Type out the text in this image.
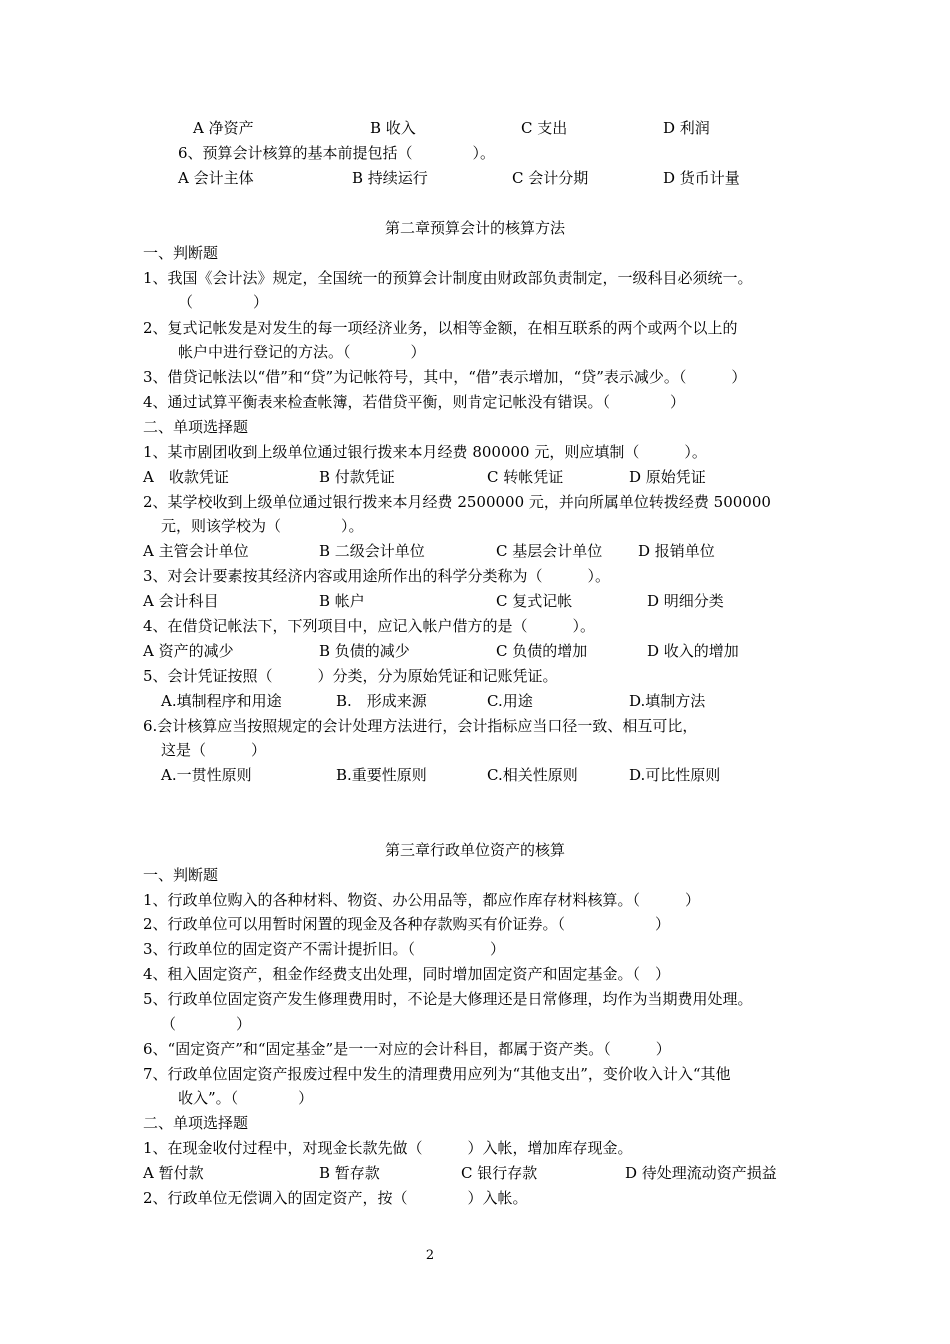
A 净资产	B 收入	C 支出	D 利润
6、预算会计核算的基本前提包括（　　　　）。
A 会计主体	B 持续运行	C 会计分期	D 货币计量
第二章预算会计的核算方法
一、判断题
1、我国《会计法》规定，全国统一的预算会计制度由财政部负责制定，一级科目必须统一。
（　　　　）
2、复式记帐发是对发生的每一项经济业务，以相等金额，在相互联系的两个或两个以上的
帐户中进行登记的方法。（　　　　）
3、借贷记帐法以“借”和“贷”为记帐符号，其中，“借”表示增加，“贷”表示减少。（　　　）
4、通过试算平衡表来检查帐簿，若借贷平衡，则肯定记帐没有错误。（　　　　）
二、单项选择题
1、某市剧团收到上级单位通过银行拨来本月经费 800000 元，则应填制（　　　）。
A　收款凭证	B 付款凭证	C 转帐凭证	D 原始凭证
2、某学校收到上级单位通过银行拨来本月经费 2500000 元，并向所属单位转拨经费 500000
元，则该学校为（　　　　）。
A 主管会计单位	B 二级会计单位	C 基层会计单位 D 报销单位
3、对会计要素按其经济内容或用途所作出的科学分类称为（　　　）。
A 会计科目	B 帐户	C 复式记帐	D 明细分类
4、在借贷记帐法下，下列项目中，应记入帐户借方的是（　　　）。
A 资产的减少	B 负债的减少	C 负债的增加	D 收入的增加
5、会计凭证按照（　　　）分类，分为原始凭证和记账凭证。
A.填制程序和用途	B.　形成来源	C.用途	D.填制方法
6.会计核算应当按照规定的会计处理方法进行，会计指标应当口径一致、相互可比，
这是（　　　）
A.一贯性原则	B.重要性原则	C.相关性原则	D.可比性原则
第三章行政单位资产的核算
一、判断题
1、行政单位购入的各种材料、物资、办公用品等，都应作库存材料核算。（　　　）
2、行政单位可以用暂时闲置的现金及各种存款购买有价证券。（　　　　　　）
3、行政单位的固定资产不需计提折旧。（　　　　　）
4、租入固定资产，租金作经费支出处理，同时增加固定资产和固定基金。（　）
5、行政单位固定资产发生修理费用时，不论是大修理还是日常修理，均作为当期费用处理。
（　　　　）
6、“固定资产”和“固定基金”是一一对应的会计科目，都属于资产类。（　　　）
7、行政单位固定资产报废过程中发生的清理费用应列为“其他支出”，变价收入计入“其他
收入”。（　　　　）
二、单项选择题
1、在现金收付过程中，对现金长款先做（　　　）入帐，增加库存现金。
A 暂付款	B 暂存款	C 银行存款	D 待处理流动资产损益
2、行政单位无偿调入的固定资产，按（　　　　）入帐。
2
